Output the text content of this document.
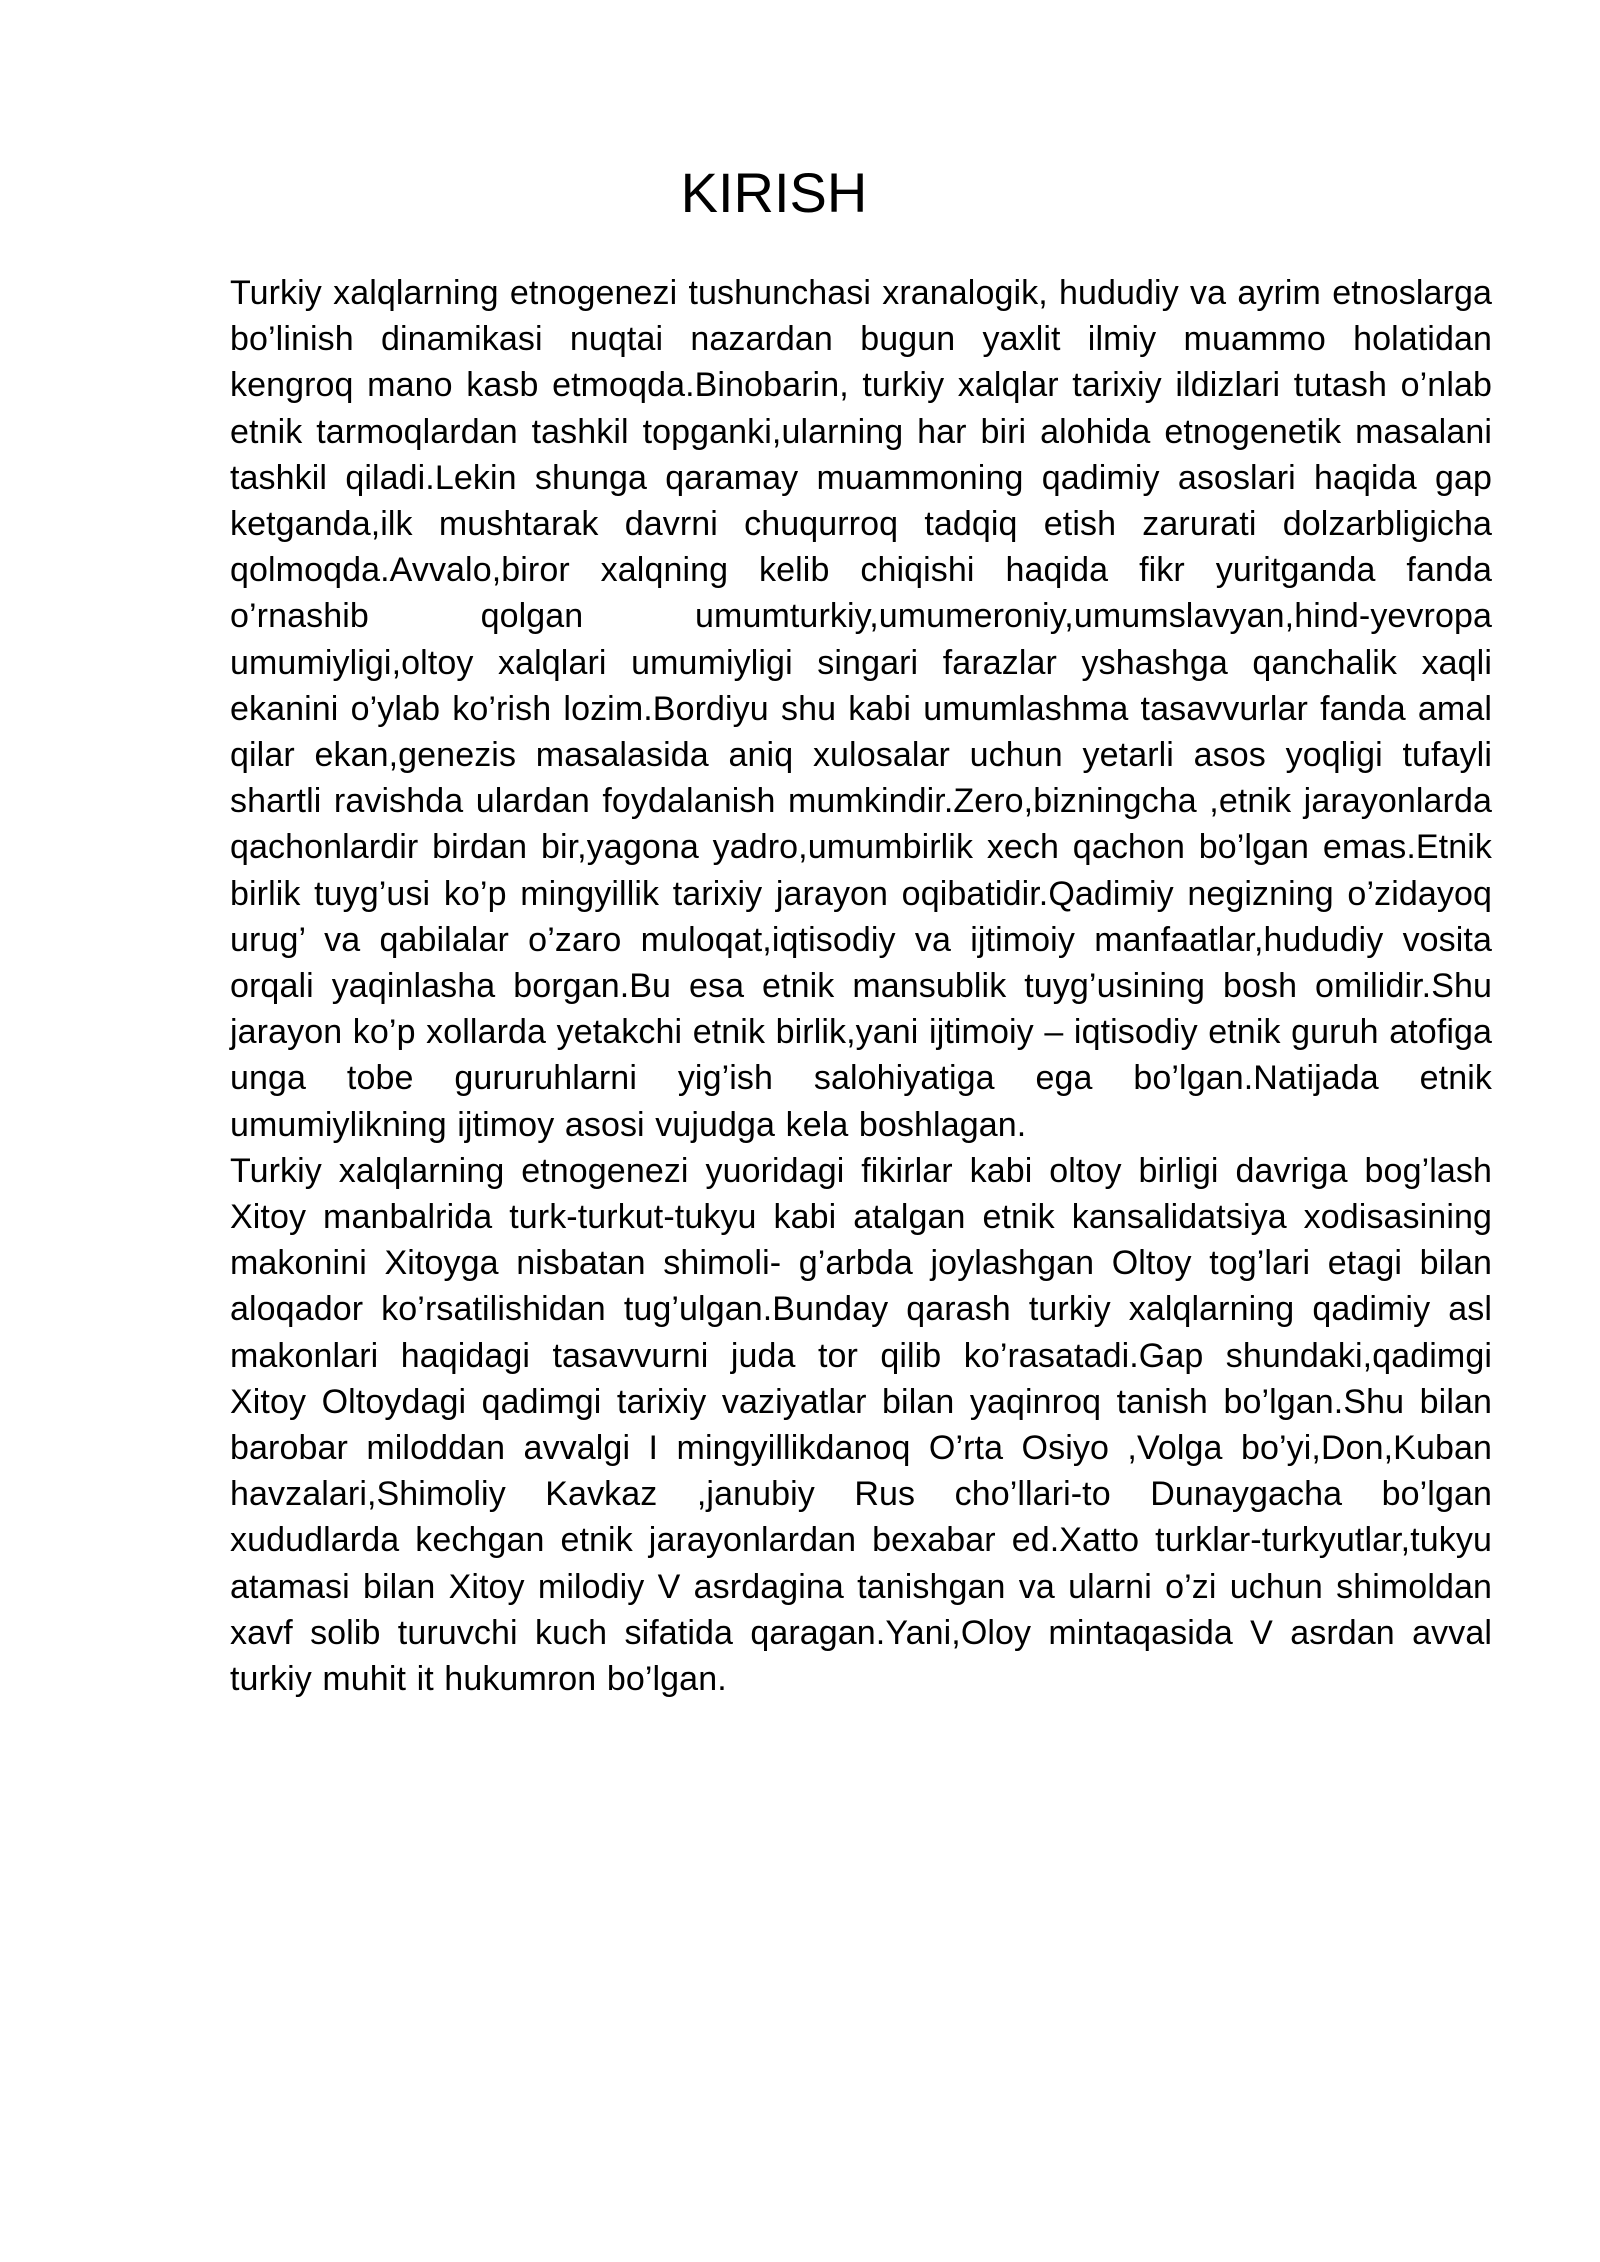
KIRISH

Turkiy xalqlarning etnogenezi tushunchasi xranalogik, hududiy va ayrim etnoslarga bo’linish dinamikasi nuqtai nazardan bugun yaxlit ilmiy muammo holatidan kengroq mano kasb etmoqda.Binobarin, turkiy xalqlar tarixiy ildizlari tutash o’nlab etnik tarmoqlardan tashkil topganki,ularning har biri alohida etnogenetik masalani tashkil qiladi.Lekin shunga qaramay muammoning qadimiy asoslari haqida gap ketganda,ilk mushtarak davrni chuqurroq tadqiq etish zarurati dolzarbligicha qolmoqda.Avvalo,biror xalqning kelib chiqishi haqida fikr yuritganda fanda o’rnashib qolgan umumturkiy,umumeroniy,umumslavyan,hind-yevropa umumiyligi,oltoy xalqlari umumiyligi singari farazlar yshashga qanchalik xaqli ekanini o’ylab ko’rish lozim.Bordiyu shu kabi umumlashma tasavvurlar fanda amal qilar ekan,genezis masalasida aniq xulosalar uchun yetarli asos yoqligi tufayli shartli ravishda ulardan foydalanish mumkindir.Zero,bizningcha ,etnik jarayonlarda qachonlardir birdan bir,yagona yadro,umumbirlik xech qachon bo’lgan emas.Etnik birlik tuyg’usi ko’p mingyillik tarixiy jarayon oqibatidir.Qadimiy negizning o’zidayoq urug’ va qabilalar o’zaro muloqat,iqtisodiy va ijtimoiy manfaatlar,hududiy vosita orqali yaqinlasha borgan.Bu esa etnik mansublik tuyg’usining bosh omilidir.Shu jarayon ko’p xollarda yetakchi etnik birlik,yani ijtimoiy – iqtisodiy etnik guruh atofiga unga tobe gururuhlarni yig’ish salohiyatiga ega bo’lgan.Natijada etnik umumiylikning ijtimoy asosi vujudga kela boshlagan.

Turkiy xalqlarning etnogenezi yuoridagi fikirlar kabi oltoy birligi davriga bog’lash Xitoy manbalrida turk-turkut-tukyu kabi atalgan etnik kansalidatsiya xodisasining makonini Xitoyga nisbatan shimoli- g’arbda joylashgan Oltoy tog’lari etagi bilan aloqador ko’rsatilishidan tug’ulgan.Bunday qarash turkiy xalqlarning qadimiy asl makonlari haqidagi tasavvurni juda tor qilib ko’rasatadi.Gap shundaki,qadimgi Xitoy Oltoydagi qadimgi tarixiy vaziyatlar bilan yaqinroq tanish bo’lgan.Shu bilan barobar miloddan avvalgi I mingyillikdanoq O’rta Osiyo ,Volga bo’yi,Don,Kuban havzalari,Shimoliy Kavkaz ,janubiy Rus cho’llari-to Dunaygacha bo’lgan xududlarda kechgan etnik jarayonlardan bexabar ed.Xatto turklar-turkyutlar,tukyu atamasi bilan Xitoy milodiy V asrdagina tanishgan va ularni o’zi uchun shimoldan xavf solib turuvchi kuch sifatida qaragan.Yani,Oloy mintaqasida V asrdan avval turkiy muhit it hukumron bo’lgan.
